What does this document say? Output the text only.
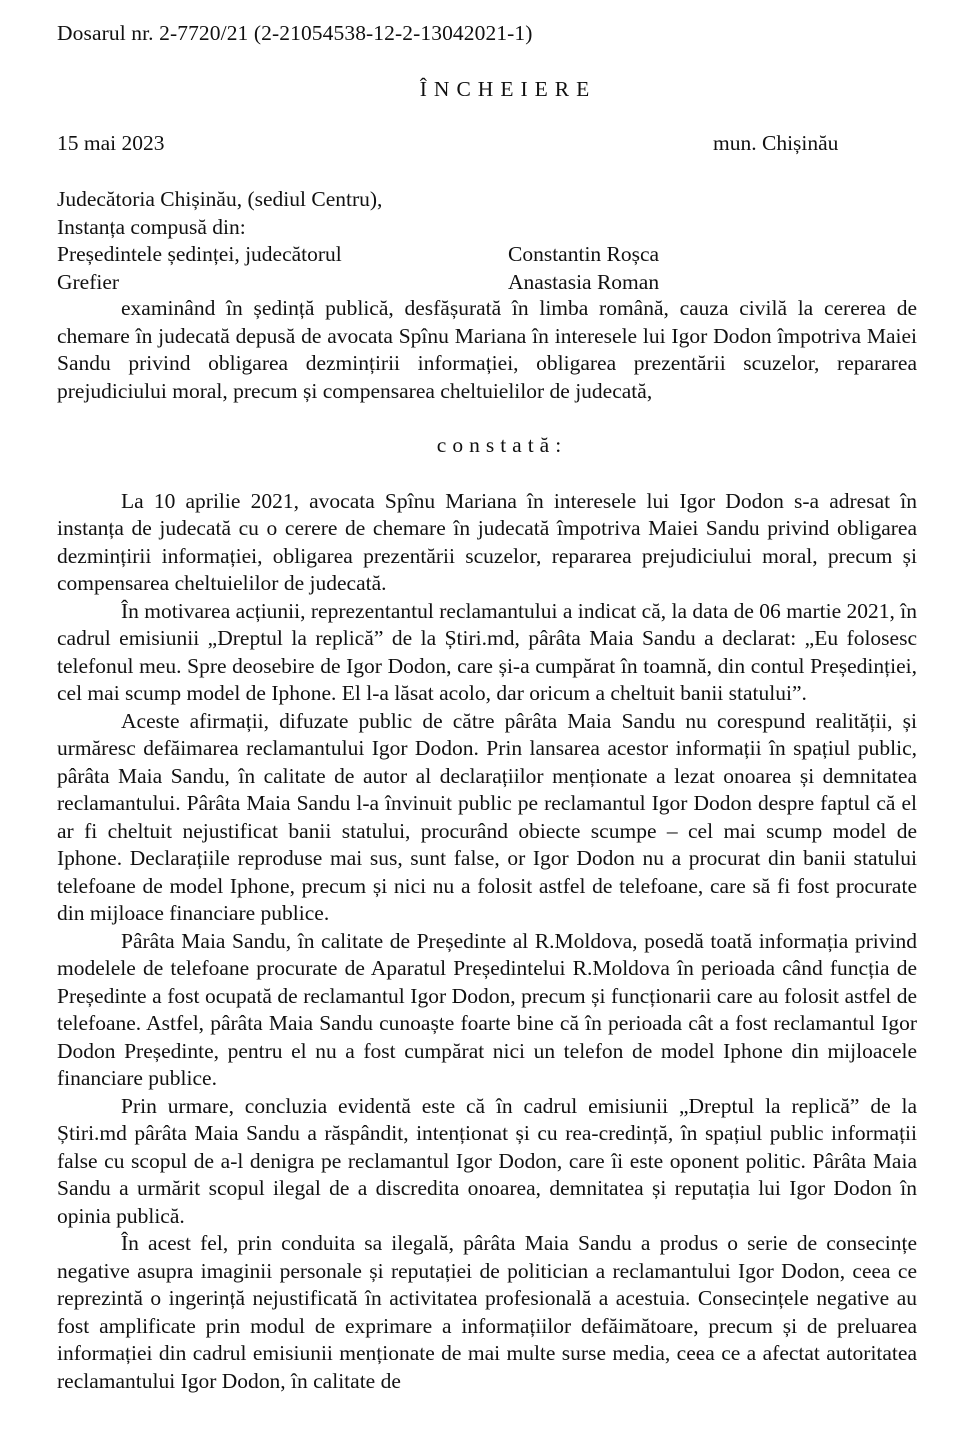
Dosarul nr. 2-7720/21 (2-21054538-12-2-13042021-1)
ÎNCHEIERE
15 mai 2023	mun. Chișinău
Judecătoria Chișinău, (sediul Centru),
Instanța compusă din:
Președintele ședinței, judecătorul	Constantin Roșca
Grefier	Anastasia Roman

examinând în ședință publică, desfășurată în limba română, cauza civilă la cererea de chemare în judecată depusă de avocata Spînu Mariana în interesele lui Igor Dodon împotriva Maiei Sandu privind obligarea dezmințirii informației, obligarea prezentării scuzelor, repararea prejudiciului moral, precum și compensarea cheltuielilor de judecată,

constată:

La 10 aprilie 2021, avocata Spînu Mariana în interesele lui Igor Dodon s-a adresat în instanța de judecată cu o cerere de chemare în judecată împotriva Maiei Sandu privind obligarea dezmințirii informației, obligarea prezentării scuzelor, repararea prejudiciului moral, precum și compensarea cheltuielilor de judecată.

În motivarea acțiunii, reprezentantul reclamantului a indicat că, la data de 06 martie 2021, în cadrul emisiunii „Dreptul la replică” de la Știri.md, pârâta Maia Sandu a declarat: „Eu folosesc telefonul meu. Spre deosebire de Igor Dodon, care și-a cumpărat în toamnă, din contul Președinției, cel mai scump model de Iphone. El l-a lăsat acolo, dar oricum a cheltuit banii statului”.

Aceste afirmații, difuzate public de către pârâta Maia Sandu nu corespund realității, și urmăresc defăimarea reclamantului Igor Dodon. Prin lansarea acestor informații în spațiul public, pârâta Maia Sandu, în calitate de autor al declarațiilor menționate a lezat onoarea și demnitatea reclamantului. Pârâta Maia Sandu l-a învinuit public pe reclamantul Igor Dodon despre faptul că el ar fi cheltuit nejustificat banii statului, procurând obiecte scumpe – cel mai scump model de Iphone. Declarațiile reproduse mai sus, sunt false, or Igor Dodon nu a procurat din banii statului telefoane de model Iphone, precum și nici nu a folosit astfel de telefoane, care să fi fost procurate din mijloace financiare publice.

Pârâta Maia Sandu, în calitate de Președinte al R.Moldova, posedă toată informația privind modelele de telefoane procurate de Aparatul Președintelui R.Moldova în perioada când funcția de Președinte a fost ocupată de reclamantul Igor Dodon, precum și funcționarii care au folosit astfel de telefoane. Astfel, pârâta Maia Sandu cunoaște foarte bine că în perioada cât a fost reclamantul Igor Dodon Președinte, pentru el nu a fost cumpărat nici un telefon de model Iphone din mijloacele financiare publice.

Prin urmare, concluzia evidentă este că în cadrul emisiunii „Dreptul la replică” de la Știri.md pârâta Maia Sandu a răspândit, intenționat și cu rea-credință, în spațiul public informații false cu scopul de a-l denigra pe reclamantul Igor Dodon, care îi este oponent politic. Pârâta Maia Sandu a urmărit scopul ilegal de a discredita onoarea, demnitatea și reputația lui Igor Dodon în opinia publică.

În acest fel, prin conduita sa ilegală, pârâta Maia Sandu a produs o serie de consecințe negative asupra imaginii personale și reputației de politician a reclamantului Igor Dodon, ceea ce reprezintă o ingerință nejustificată în activitatea profesională a acestuia. Consecințele negative au fost amplificate prin modul de exprimare a informațiilor defăimătoare, precum și de preluarea informației din cadrul emisiunii menționate de mai multe surse media, ceea ce a afectat autoritatea reclamantului Igor Dodon, în calitate de
